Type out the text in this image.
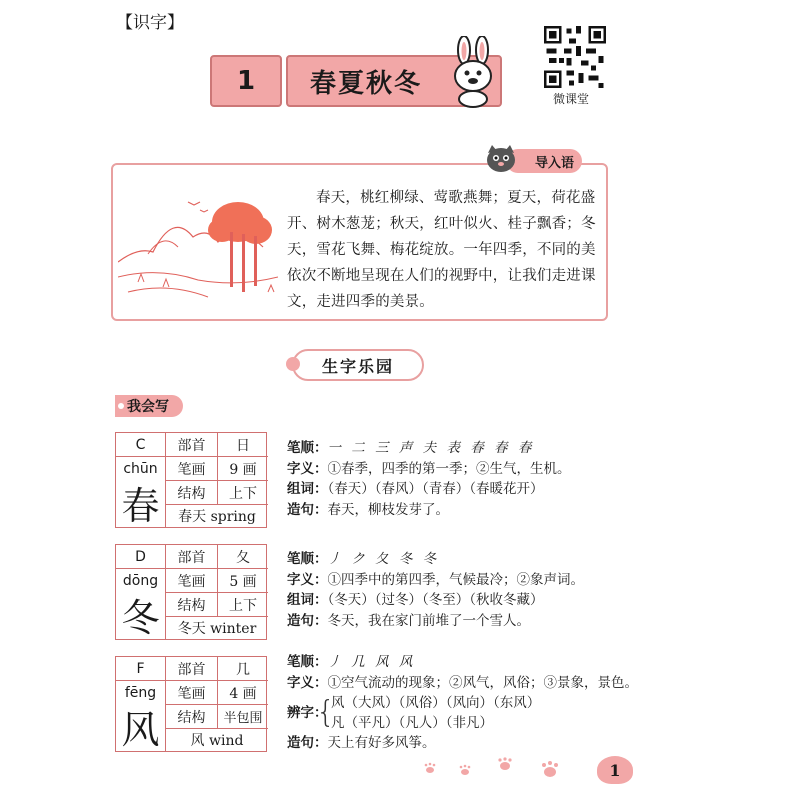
【识字】
1	春夏秋冬
微课堂
导入语
春天，桃红柳绿、莺歌燕舞；夏天，荷花盛开、树木葱茏；秋天，红叶似火、桂子飘香；冬天，雪花飞舞、梅花绽放。一年四季，不同的美依次不断地呈现在人们的视野中，让我们走进课文，走进四季的美景。
生字乐园
我会写
C	部首	日
chūn	笔画	9 画
春	结构	上下
春天 spring
笔顺：一 二 三 声 夫 表 春 春 春
字义：①春季，四季的第一季；②生气，生机。
组词：（春天）（春风）（青春）（春暖花开）
造句：春天，柳枝发芽了。
D	部首	夂
dōng	笔画	5 画
冬	结构	上下
冬天 winter
笔顺：丿 ク 夂 冬 冬
字义：①四季中的第四季，气候最冷；②象声词。
组词：（冬天）（过冬）（冬至）（秋收冬藏）
造句：冬天，我在家门前堆了一个雪人。
F	部首	几
fēng	笔画	4 画
风	结构	半包围
风 wind
笔顺：丿 几 风 风
字义：①空气流动的现象；②风气，风俗；③景象，景色。
辨字：
{
风（大风）（风俗）（风向）（东风）
凡（平凡）（凡人）（非凡）
造句：天上有好多风筝。
1
